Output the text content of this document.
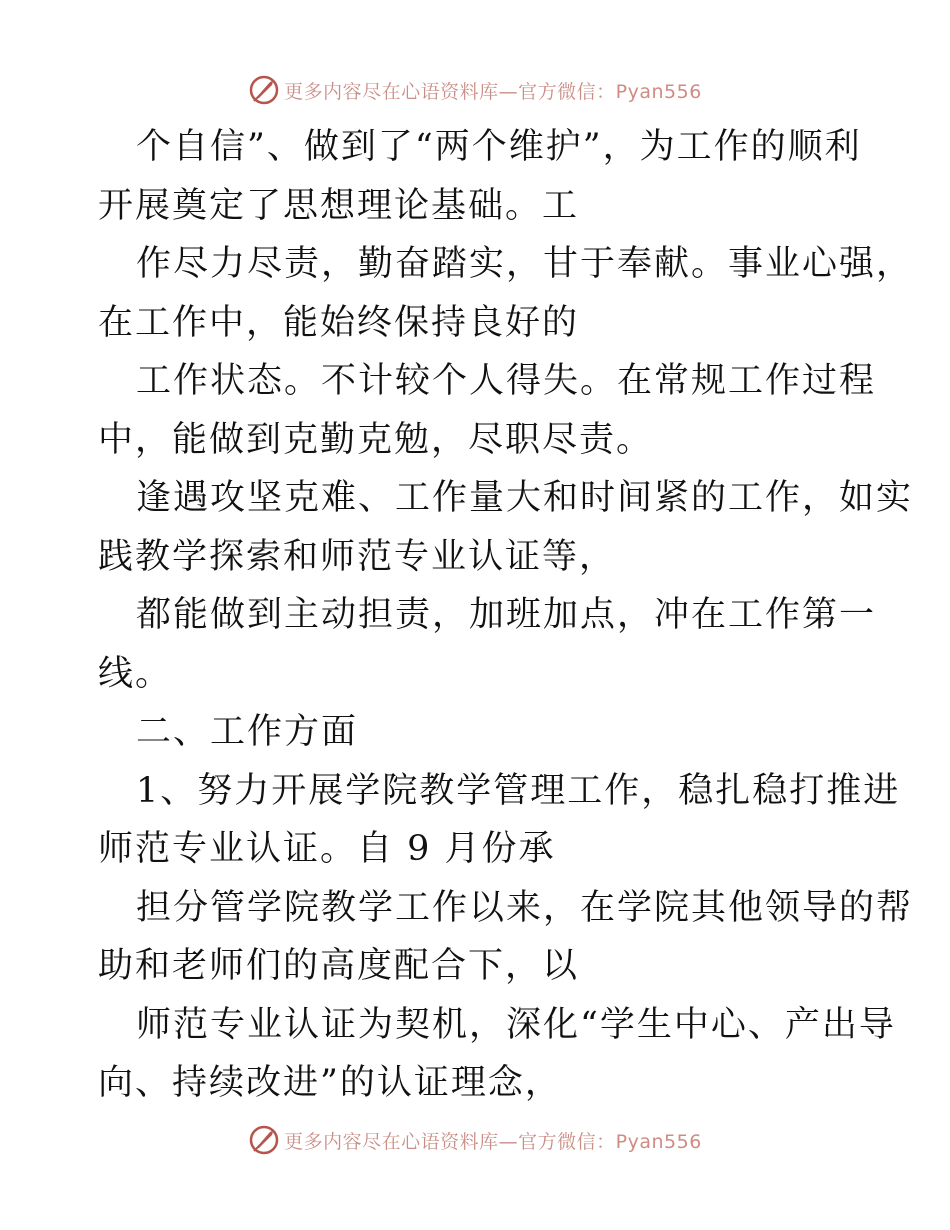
更多内容尽在心语资料库—官方微信：Pyan556
个自信”、做到了“两个维护”，为工作的顺利
开展奠定了思想理论基础。工
作尽力尽责，勤奋踏实，甘于奉献。事业心强，
在工作中，能始终保持良好的
工作状态。不计较个人得失。在常规工作过程
中，能做到克勤克勉，尽职尽责。
逢遇攻坚克难、工作量大和时间紧的工作，如实
践教学探索和师范专业认证等，
都能做到主动担责，加班加点，冲在工作第一
线。
二、工作方面
1、努力开展学院教学管理工作，稳扎稳打推进
师范专业认证。自 9 月份承
担分管学院教学工作以来，在学院其他领导的帮
助和老师们的高度配合下，以
师范专业认证为契机，深化“学生中心、产出导
向、持续改进”的认证理念，
更多内容尽在心语资料库—官方微信：Pyan556
